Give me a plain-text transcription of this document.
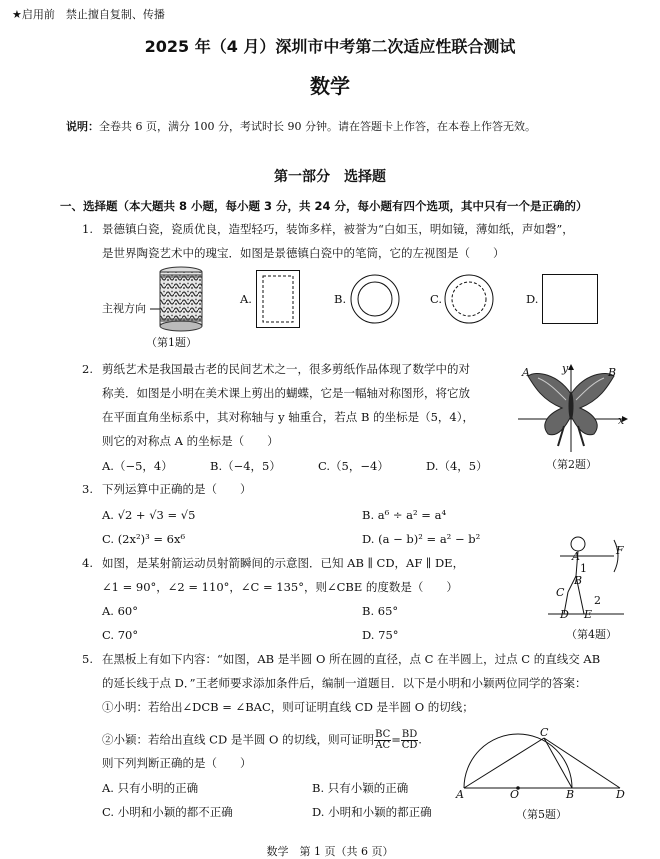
★启用前　禁止擅自复制、传播
2025 年（4 月）深圳市中考第二次适应性联合测试
数学
说明：全卷共 6 页，满分 100 分，考试时长 90 分钟。请在答题卡上作答，在本卷上作答无效。
第一部分　选择题
一、选择题（本大题共 8 小题，每小题 3 分，共 24 分，每小题有四个选项，其中只有一个是正确的）
1. 景德镇白瓷，瓷质优良，造型轻巧，装饰多样，被誉为“白如玉，明如镜，薄如纸，声如磬”，
是世界陶瓷艺术中的瑰宝．如图是景德镇白瓷中的笔筒，它的左视图是（　　）
主视方向
（第1题）
A.	B.	C.	D.
2. 剪纸艺术是我国最古老的民间艺术之一，很多剪纸作品体现了数学中的对
称美．如图是小明在美术课上剪出的蝴蝶，它是一幅轴对称图形，将它放
在平面直角坐标系中，其对称轴与 y 轴重合，若点 B 的坐标是（5，4），
则它的对称点 A 的坐标是（　　）
A.（−5，4）	B.（−4，5）	C.（5，−4）	D.（4，5）
A	B
y
x
（第2题）
3. 下列运算中正确的是（　　）
A. √2 + √3 = √5	B. a⁶ ÷ a² = a⁴
C. (2x²)³ = 6x⁶	D. (a − b)² = a² − b²
4. 如图，是某射箭运动员射箭瞬间的示意图．已知 AB ∥ CD，AF ∥ DE，
∠1 = 90°，∠2 = 110°，∠C = 135°，则∠CBE 的度数是（　　）
A. 60°	B. 65°
C. 70°	D. 75°
A
1
B
C
2
D E
F
（第4题）
5. 在黑板上有如下内容：“如图，AB 是半圆 O 所在圆的直径，点 C 在半圆上，过点 C 的直线交 AB
的延长线于点 D．”王老师要求添加条件后，编制一道题目．以下是小明和小颖两位同学的答案：
①小明：若给出∠DCB = ∠BAC，则可证明直线 CD 是半圆 O 的切线；
②小颖：若给出直线 CD 是半圆 O 的切线，则可证明 $\frac{BC}{AC} = \frac{BD}{CD}$ .
则下列判断正确的是（　　）
A. 只有小明的正确	B. 只有小颖的正确
C. 小明和小颖的都不正确	D. 小明和小颖的都正确
A	O	B	D
C
（第5题）
数学　第 1 页（共 6 页）
